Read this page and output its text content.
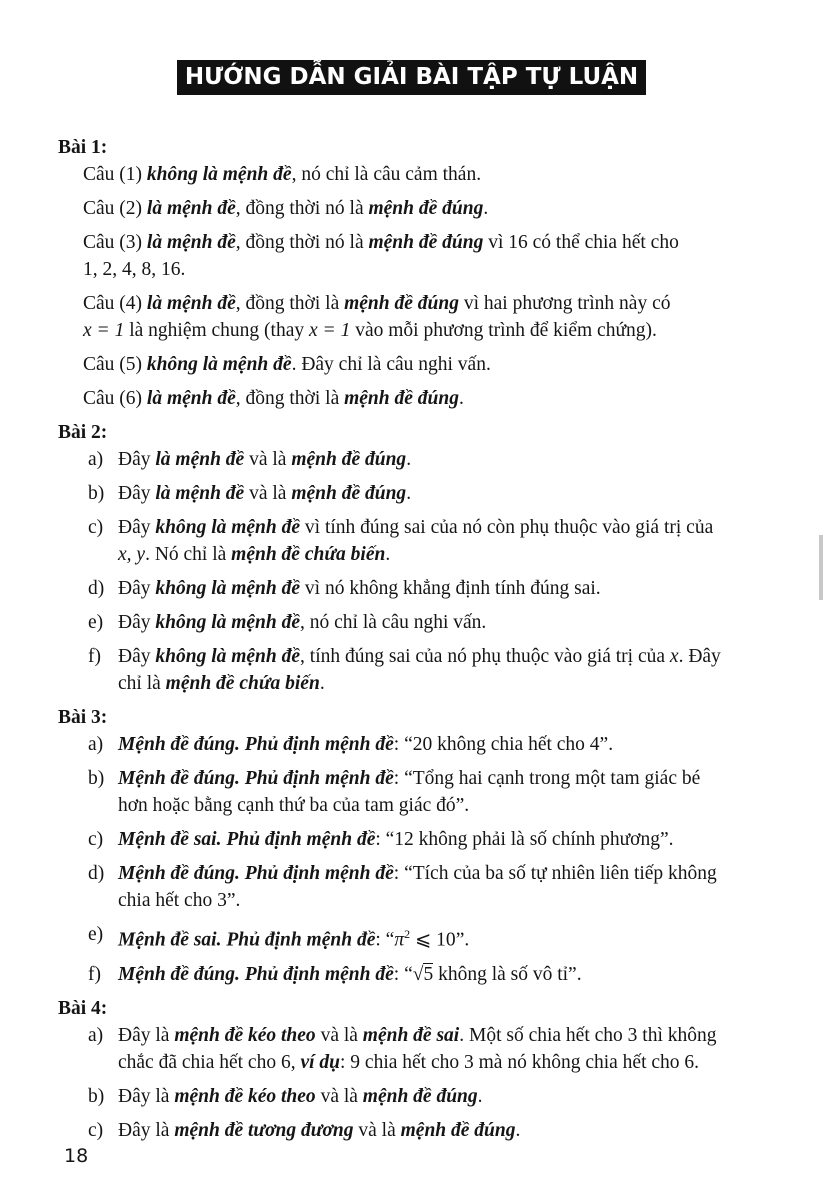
HƯỚNG DẪN GIẢI BÀI TẬP TỰ LUẬN

Bài 1:

Câu (1) không là mệnh đề, nó chỉ là câu cảm thán.

Câu (2) là mệnh đề, đồng thời nó là mệnh đề đúng.

Câu (3) là mệnh đề, đồng thời nó là mệnh đề đúng vì 16 có thể chia hết cho
1, 2, 4, 8, 16.

Câu (4) là mệnh đề, đồng thời là mệnh đề đúng vì hai phương trình này có
x = 1 là nghiệm chung (thay x = 1 vào mỗi phương trình để kiểm chứng).

Câu (5) không là mệnh đề. Đây chỉ là câu nghi vấn.

Câu (6) là mệnh đề, đồng thời là mệnh đề đúng.

Bài 2:

a) Đây là mệnh đề và là mệnh đề đúng.
b) Đây là mệnh đề và là mệnh đề đúng.
c) Đây không là mệnh đề vì tính đúng sai của nó còn phụ thuộc vào giá trị của
x, y. Nó chỉ là mệnh đề chứa biến.
d) Đây không là mệnh đề vì nó không khẳng định tính đúng sai.
e) Đây không là mệnh đề, nó chỉ là câu nghi vấn.
f) Đây không là mệnh đề, tính đúng sai của nó phụ thuộc vào giá trị của x. Đây
chỉ là mệnh đề chứa biến.

Bài 3:

a) Mệnh đề đúng. Phủ định mệnh đề: “20 không chia hết cho 4”.
b) Mệnh đề đúng. Phủ định mệnh đề: “Tổng hai cạnh trong một tam giác bé
hơn hoặc bằng cạnh thứ ba của tam giác đó”.
c) Mệnh đề sai. Phủ định mệnh đề: “12 không phải là số chính phương”.
d) Mệnh đề đúng. Phủ định mệnh đề: “Tích của ba số tự nhiên liên tiếp không
chia hết cho 3”.
e) Mệnh đề sai. Phủ định mệnh đề: “$\pi^2$ ⩽ 10”.
f) Mệnh đề đúng. Phủ định mệnh đề: “√5 không là số vô tỉ”.

Bài 4:

a) Đây là mệnh đề kéo theo và là mệnh đề sai. Một số chia hết cho 3 thì không
chắc đã chia hết cho 6, ví dụ: 9 chia hết cho 3 mà nó không chia hết cho 6.
b) Đây là mệnh đề kéo theo và là mệnh đề đúng.
c) Đây là mệnh đề tương đương và là mệnh đề đúng.
18
